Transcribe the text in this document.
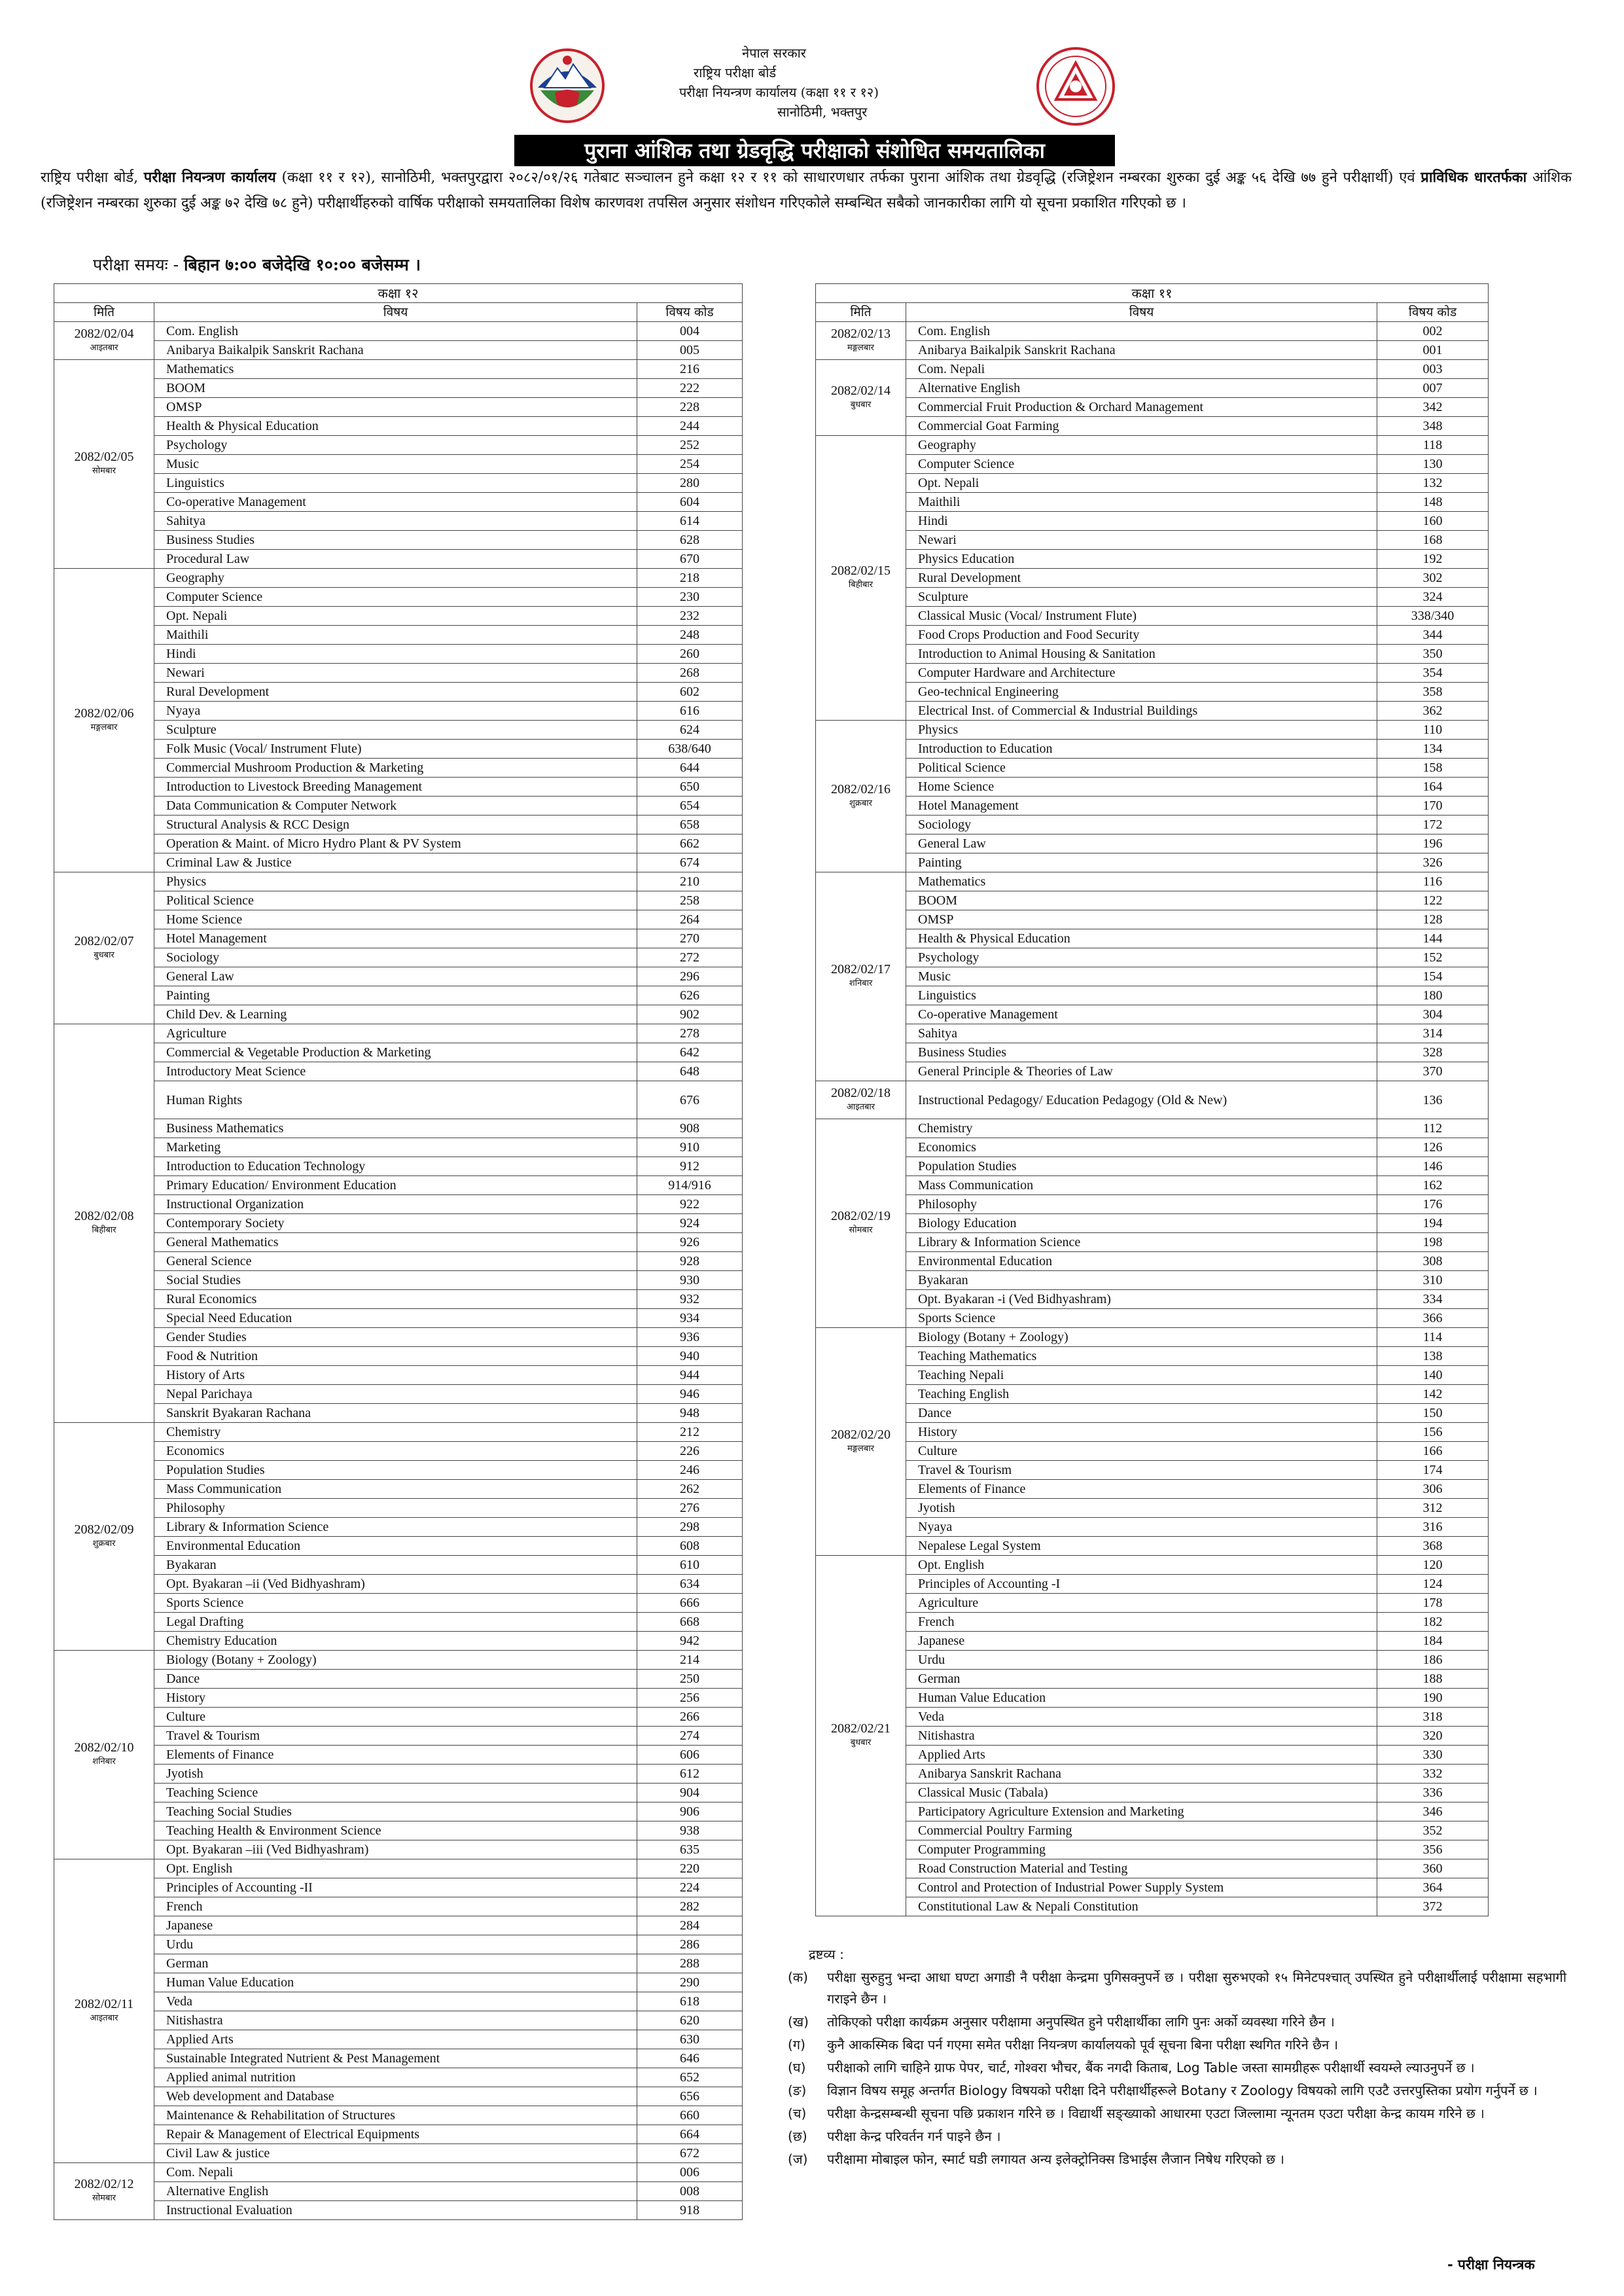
नेपाल सरकार
राष्ट्रिय परीक्षा बोर्ड
परीक्षा नियन्त्रण कार्यालय (कक्षा ११ र १२)
सानोठिमी, भक्तपुर
पुराना आंशिक तथा ग्रेडवृद्धि परीक्षाको संशोधित समयतालिका
राष्ट्रिय परीक्षा बोर्ड, परीक्षा नियन्त्रण कार्यालय (कक्षा ११ र १२), सानोठिमी, भक्तपुरद्वारा २०८२/०१/२६ गतेबाट सञ्चालन हुने कक्षा १२ र ११ को साधारणधार तर्फका पुराना आंशिक तथा ग्रेडवृद्धि (रजिष्ट्रेशन नम्बरका शुरुका दुई अङ्क ५६ देखि ७७ हुने परीक्षार्थी) एवं प्राविधिक धारतर्फका आंशिक (रजिष्ट्रेशन नम्बरका शुरुका दुई अङ्क ७२ देखि ७८ हुने) परीक्षार्थीहरुको वार्षिक परीक्षाको समयतालिका विशेष कारणवश तपसिल अनुसार संशोधन गरिएकोले सम्बन्धित सबैको जानकारीका लागि यो सूचना प्रकाशित गरिएको छ ।
परीक्षा समयः - बिहान ७:०० बजेदेखि १०:०० बजेसम्म ।
कक्षा १२		
मिति	विषय	विषय कोड

2082/02/04
आइतबार	Com. English	004
	Anibarya Baikalpik Sanskrit Rachana	005

2082/02/05
सोमबार	Mathematics	216
	BOOM	222
	OMSP	228
	Health & Physical Education	244
	Psychology	252
	Music	254
	Linguistics	280
	Co-operative Management	604
	Sahitya	614
	Business Studies	628
	Procedural Law	670

2082/02/06
मङ्गलबार	Geography	218
	Computer Science	230
	Opt. Nepali	232
	Maithili	248
	Hindi	260
	Newari	268
	Rural Development	602
	Nyaya	616
	Sculpture	624
	Folk Music (Vocal/ Instrument Flute)	638/640
	Commercial Mushroom Production & Marketing	644
	Introduction to Livestock Breeding Management	650
	Data Communication & Computer Network	654
	Structural Analysis & RCC Design	658
	Operation & Maint. of Micro Hydro Plant & PV System	662
	Criminal Law & Justice	674

2082/02/07
बुधबार	Physics	210
	Political Science	258
	Home Science	264
	Hotel Management	270
	Sociology	272
	General Law	296
	Painting	626
	Child Dev. & Learning	902

2082/02/08
बिहीबार	Agriculture	278
	Commercial & Vegetable Production & Marketing	642
	Introductory Meat Science	648
	Human Rights	676
	Business Mathematics	908
	Marketing	910
	Introduction to Education Technology	912
	Primary Education/ Environment Education	914/916
	Instructional Organization	922
	Contemporary Society	924
	General Mathematics	926
	General Science	928
	Social Studies	930
	Rural Economics	932
	Special Need Education	934
	Gender Studies	936
	Food & Nutrition	940
	History of Arts	944
	Nepal Parichaya	946
	Sanskrit Byakaran Rachana	948

2082/02/09
शुक्रबार	Chemistry	212
	Economics	226
	Population Studies	246
	Mass Communication	262
	Philosophy	276
	Library & Information Science	298
	Environmental Education	608
	Byakaran	610
	Opt. Byakaran –ii (Ved Bidhyashram)	634
	Sports Science	666
	Legal Drafting	668
	Chemistry Education	942

2082/02/10
शनिबार	Biology (Botany + Zoology)	214
	Dance	250
	History	256
	Culture	266
	Travel & Tourism	274
	Elements of Finance	606
	Jyotish	612
	Teaching Science	904
	Teaching Social Studies	906
	Teaching Health & Environment Science	938
	Opt. Byakaran –iii (Ved Bidhyashram)	635

2082/02/11
आइतबार	Opt. English	220
	Principles of Accounting -II	224
	French	282
	Japanese	284
	Urdu	286
	German	288
	Human Value Education	290
	Veda	618
	Nitishastra	620
	Applied Arts	630
	Sustainable Integrated Nutrient & Pest Management	646
	Applied animal nutrition	652
	Web development and Database	656
	Maintenance & Rehabilitation of Structures	660
	Repair & Management of Electrical Equipments	664
	Civil Law & justice	672

2082/02/12
सोमबार	Com. Nepali	006
	Alternative English	008
	Instructional Evaluation	918
कक्षा ११		
मिति	विषय	विषय कोड

2082/02/13
मङ्गलबार	Com. English	002
	Anibarya Baikalpik Sanskrit Rachana	001

2082/02/14
बुधबार	Com. Nepali	003
	Alternative English	007
	Commercial Fruit Production & Orchard Management	342
	Commercial Goat Farming	348

2082/02/15
बिहीबार	Geography	118
	Computer Science	130
	Opt. Nepali	132
	Maithili	148
	Hindi	160
	Newari	168
	Physics Education	192
	Rural Development	302
	Sculpture	324
	Classical Music (Vocal/ Instrument Flute)	338/340
	Food Crops Production and Food Security	344
	Introduction to Animal Housing & Sanitation	350
	Computer Hardware and Architecture	354
	Geo-technical Engineering	358
	Electrical Inst. of Commercial & Industrial Buildings	362

2082/02/16
शुक्रबार	Physics	110
	Introduction to Education	134
	Political Science	158
	Home Science	164
	Hotel Management	170
	Sociology	172
	General Law	196
	Painting	326

2082/02/17
शनिबार	Mathematics	116
	BOOM	122
	OMSP	128
	Health & Physical Education	144
	Psychology	152
	Music	154
	Linguistics	180
	Co-operative Management	304
	Sahitya	314
	Business Studies	328
	General Principle & Theories of Law	370

2082/02/18
आइतबार	Instructional Pedagogy/ Education Pedagogy (Old & New)	136

2082/02/19
सोमबार	Chemistry	112
	Economics	126
	Population Studies	146
	Mass Communication	162
	Philosophy	176
	Biology Education	194
	Library & Information Science	198
	Environmental Education	308
	Byakaran	310
	Opt. Byakaran -i (Ved Bidhyashram)	334
	Sports Science	366

2082/02/20
मङ्गलबार	Biology (Botany + Zoology)	114
	Teaching Mathematics	138
	Teaching Nepali	140
	Teaching English	142
	Dance	150
	History	156
	Culture	166
	Travel & Tourism	174
	Elements of Finance	306
	Jyotish	312
	Nyaya	316
	Nepalese Legal System	368

2082/02/21
बुधबार	Opt. English	120
	Principles of Accounting -I	124
	Agriculture	178
	French	182
	Japanese	184
	Urdu	186
	German	188
	Human Value Education	190
	Veda	318
	Nitishastra	320
	Applied Arts	330
	Anibarya Sanskrit Rachana	332
	Classical Music (Tabala)	336
	Participatory Agriculture Extension and Marketing	346
	Commercial Poultry Farming	352
	Computer Programming	356
	Road Construction Material and Testing	360
	Control and Protection of Industrial Power Supply System	364
	Constitutional Law & Nepali Constitution	372
द्रष्टव्य :
(क)	परीक्षा सुरुहुनु भन्दा आधा घण्टा अगाडी नै परीक्षा केन्द्रमा पुगिसक्नुपर्ने छ । परीक्षा सुरुभएको १५ मिनेटपश्चात् उपस्थित हुने परीक्षार्थीलाई परीक्षामा सहभागी गराइने छैन ।
(ख)	तोकिएको परीक्षा कार्यक्रम अनुसार परीक्षामा अनुपस्थित हुने परीक्षार्थीका लागि पुनः अर्को व्यवस्था गरिने छैन ।
(ग)	कुनै आकस्मिक बिदा पर्न गएमा समेत परीक्षा नियन्त्रण कार्यालयको पूर्व सूचना बिना परीक्षा स्थगित गरिने छैन ।
(घ)	परीक्षाको लागि चाहिने ग्राफ पेपर, चार्ट, गोश्वरा भौचर, बैंक नगदी किताब, Log Table जस्ता सामग्रीहरू परीक्षार्थी स्वयम्ले ल्याउनुपर्ने छ ।
(ङ)	विज्ञान विषय समूह अन्तर्गत Biology विषयको परीक्षा दिने परीक्षार्थीहरूले Botany र Zoology विषयको लागि एउटै उत्तरपुस्तिका प्रयोग गर्नुपर्ने छ ।
(च)	परीक्षा केन्द्रसम्बन्धी सूचना पछि प्रकाशन गरिने छ । विद्यार्थी सङ्ख्याको आधारमा एउटा जिल्लामा न्यूनतम एउटा परीक्षा केन्द्र कायम गरिने छ ।
(छ)	परीक्षा केन्द्र परिवर्तन गर्न पाइने छैन ।
(ज)	परीक्षामा मोबाइल फोन, स्मार्ट घडी लगायत अन्य इलेक्ट्रोनिक्स डिभाईस लैजान निषेध गरिएको छ ।
- परीक्षा नियन्त्रक
